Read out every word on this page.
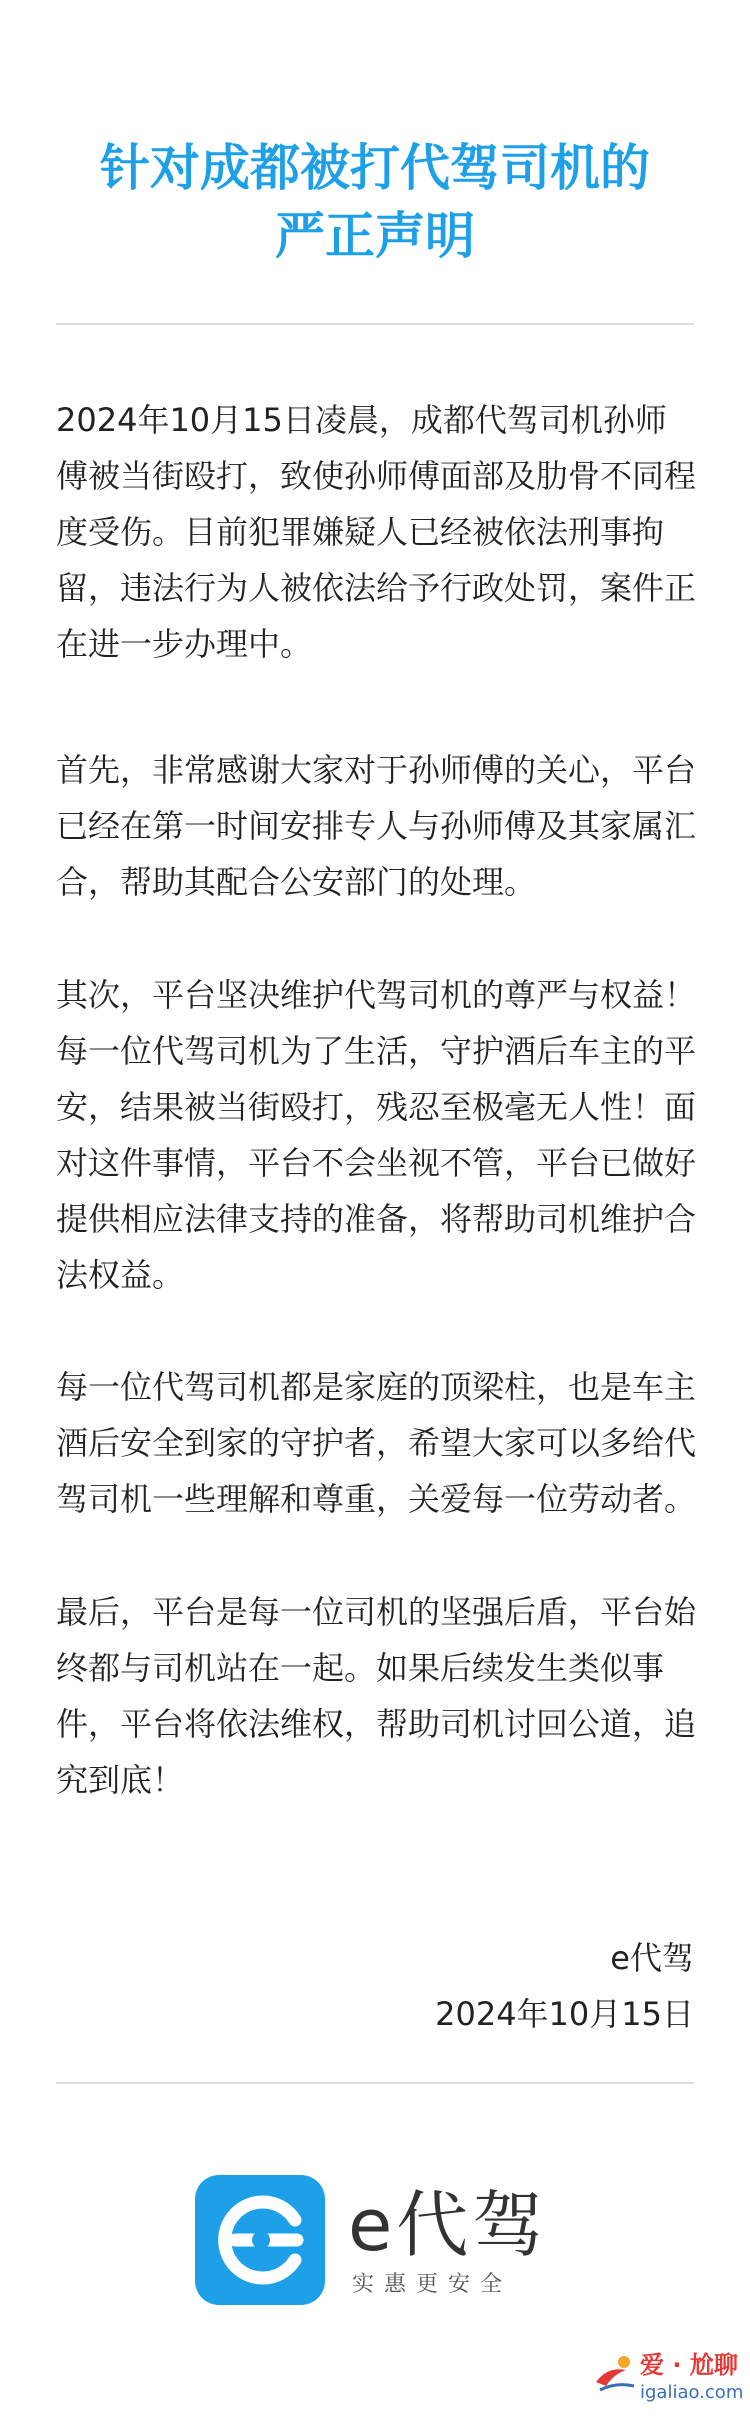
针对成都被打代驾司机的
严正声明

2024年10月15日凌晨，成都代驾司机孙师傅被当街殴打，致使孙师傅面部及肋骨不同程度受伤。目前犯罪嫌疑人已经被依法刑事拘留，违法行为人被依法给予行政处罚，案件正在进一步办理中。

首先，非常感谢大家对于孙师傅的关心，平台已经在第一时间安排专人与孙师傅及其家属汇合，帮助其配合公安部门的处理。

其次，平台坚决维护代驾司机的尊严与权益！每一位代驾司机为了生活，守护酒后车主的平安，结果被当街殴打，残忍至极毫无人性！面对这件事情，平台不会坐视不管，平台已做好提供相应法律支持的准备，将帮助司机维护合法权益。

每一位代驾司机都是家庭的顶梁柱，也是车主酒后安全到家的守护者，希望大家可以多给代驾司机一些理解和尊重，关爱每一位劳动者。

最后，平台是每一位司机的坚强后盾，平台始终都与司机站在一起。如果后续发生类似事件，平台将依法维权，帮助司机讨回公道，追究到底！

e代驾

2024年10月15日

e代驾
实惠更安全
爱 · 尬聊
igaliao.com
